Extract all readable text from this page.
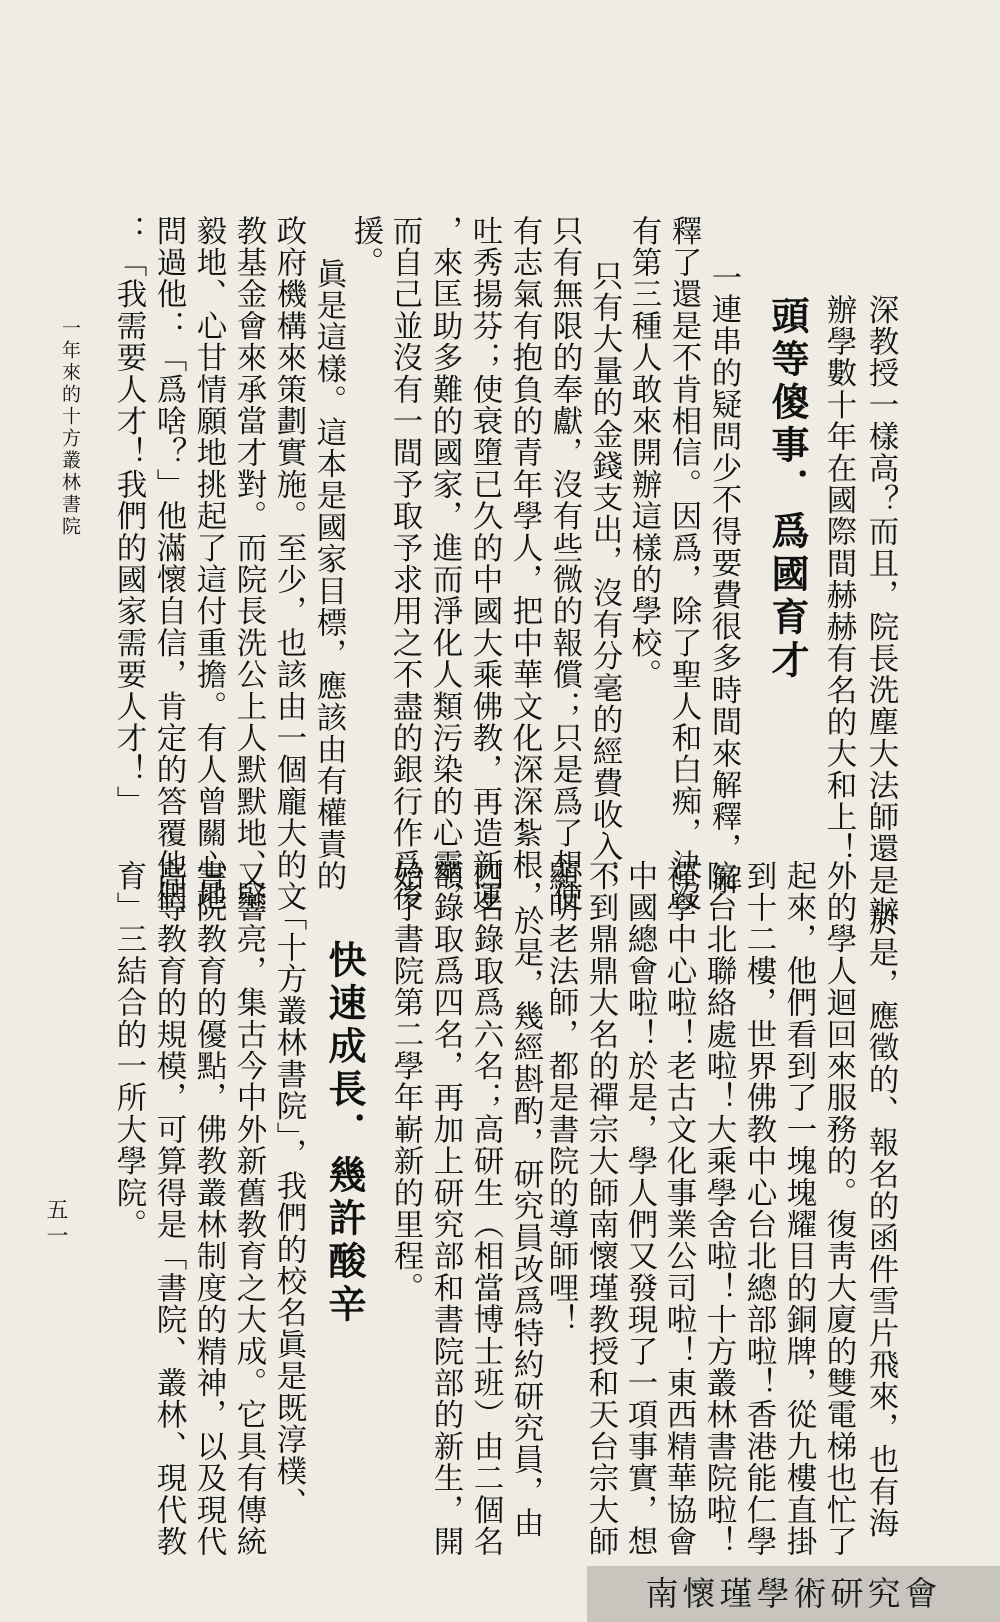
一年來的十方叢林書院
五一
深教授一樣高？而且，院長洗塵大法師還是辦
辦學數十年在國際間赫赫有名的大和上！
頭等傻事．爲國育才
一連串的疑問少不得要費很多時間來解釋，解
釋了還是不肯相信。因爲，除了聖人和白痴，決沒
有第三種人敢來開辦這樣的學校。
只有大量的金錢支出，沒有分毫的經費收入；
只有無限的奉獻，沒有些微的報償；只是爲了想使
有志氣有抱負的青年學人，把中華文化深深紮根，
吐秀揚芬；使衰墮已久的中國大乘佛教，再造新運
，來匡助多難的國家，進而淨化人類污染的心靈，
而自己並沒有一間予取予求用之不盡的銀行作爲後
援。
眞是這樣。這本是國家目標，應該由有權責的
政府機構來策劃實施。至少，也該由一個龐大的文
教基金會來承當才對。而院長洗公上人默默地、堅
毅地、心甘情願地挑起了這付重擔。有人曾關心地
問過他：「爲啥？」他滿懷自信，肯定的答覆他們
：「我需要人才！我們的國家需要人才！」
於是，應徵的、報名的函件雪片飛來，也有海
外的學人迴回來服務的。復靑大廈的雙電梯也忙了
起來，他們看到了一塊塊耀目的銅牌，從九樓直掛
到十二樓，世界佛教中心台北總部啦！香港能仁學
院台北聯絡處啦！大乘學舍啦！十方叢林書院啦！
禪學中心啦！老古文化事業公司啦！東西精華協會
中國總會啦！於是，學人們又發現了一項事實，想
不到鼎鼎大名的禪宗大師南懷瑾教授和天台宗大師
顯明老法師，都是書院的導師哩！
於是，幾經斟酌，研究員改爲特約研究員，由
四名錄取爲六名；高研生（相當博士班）由二個名
額錄取爲四名，再加上研究部和書院部的新生，開
始了書院第二學年嶄新的里程。
快速成長．幾許酸辛
「十方叢林書院」，我們的校名眞是既淳樸、
又響亮，集古今中外新舊教育之大成。它具有傳統
書院教育的優點，佛教叢林制度的精神，以及現代
高等教育的規模，可算得是「書院、叢林、現代教
育」三結合的一所大學院。
南懷瑾學術研究會
